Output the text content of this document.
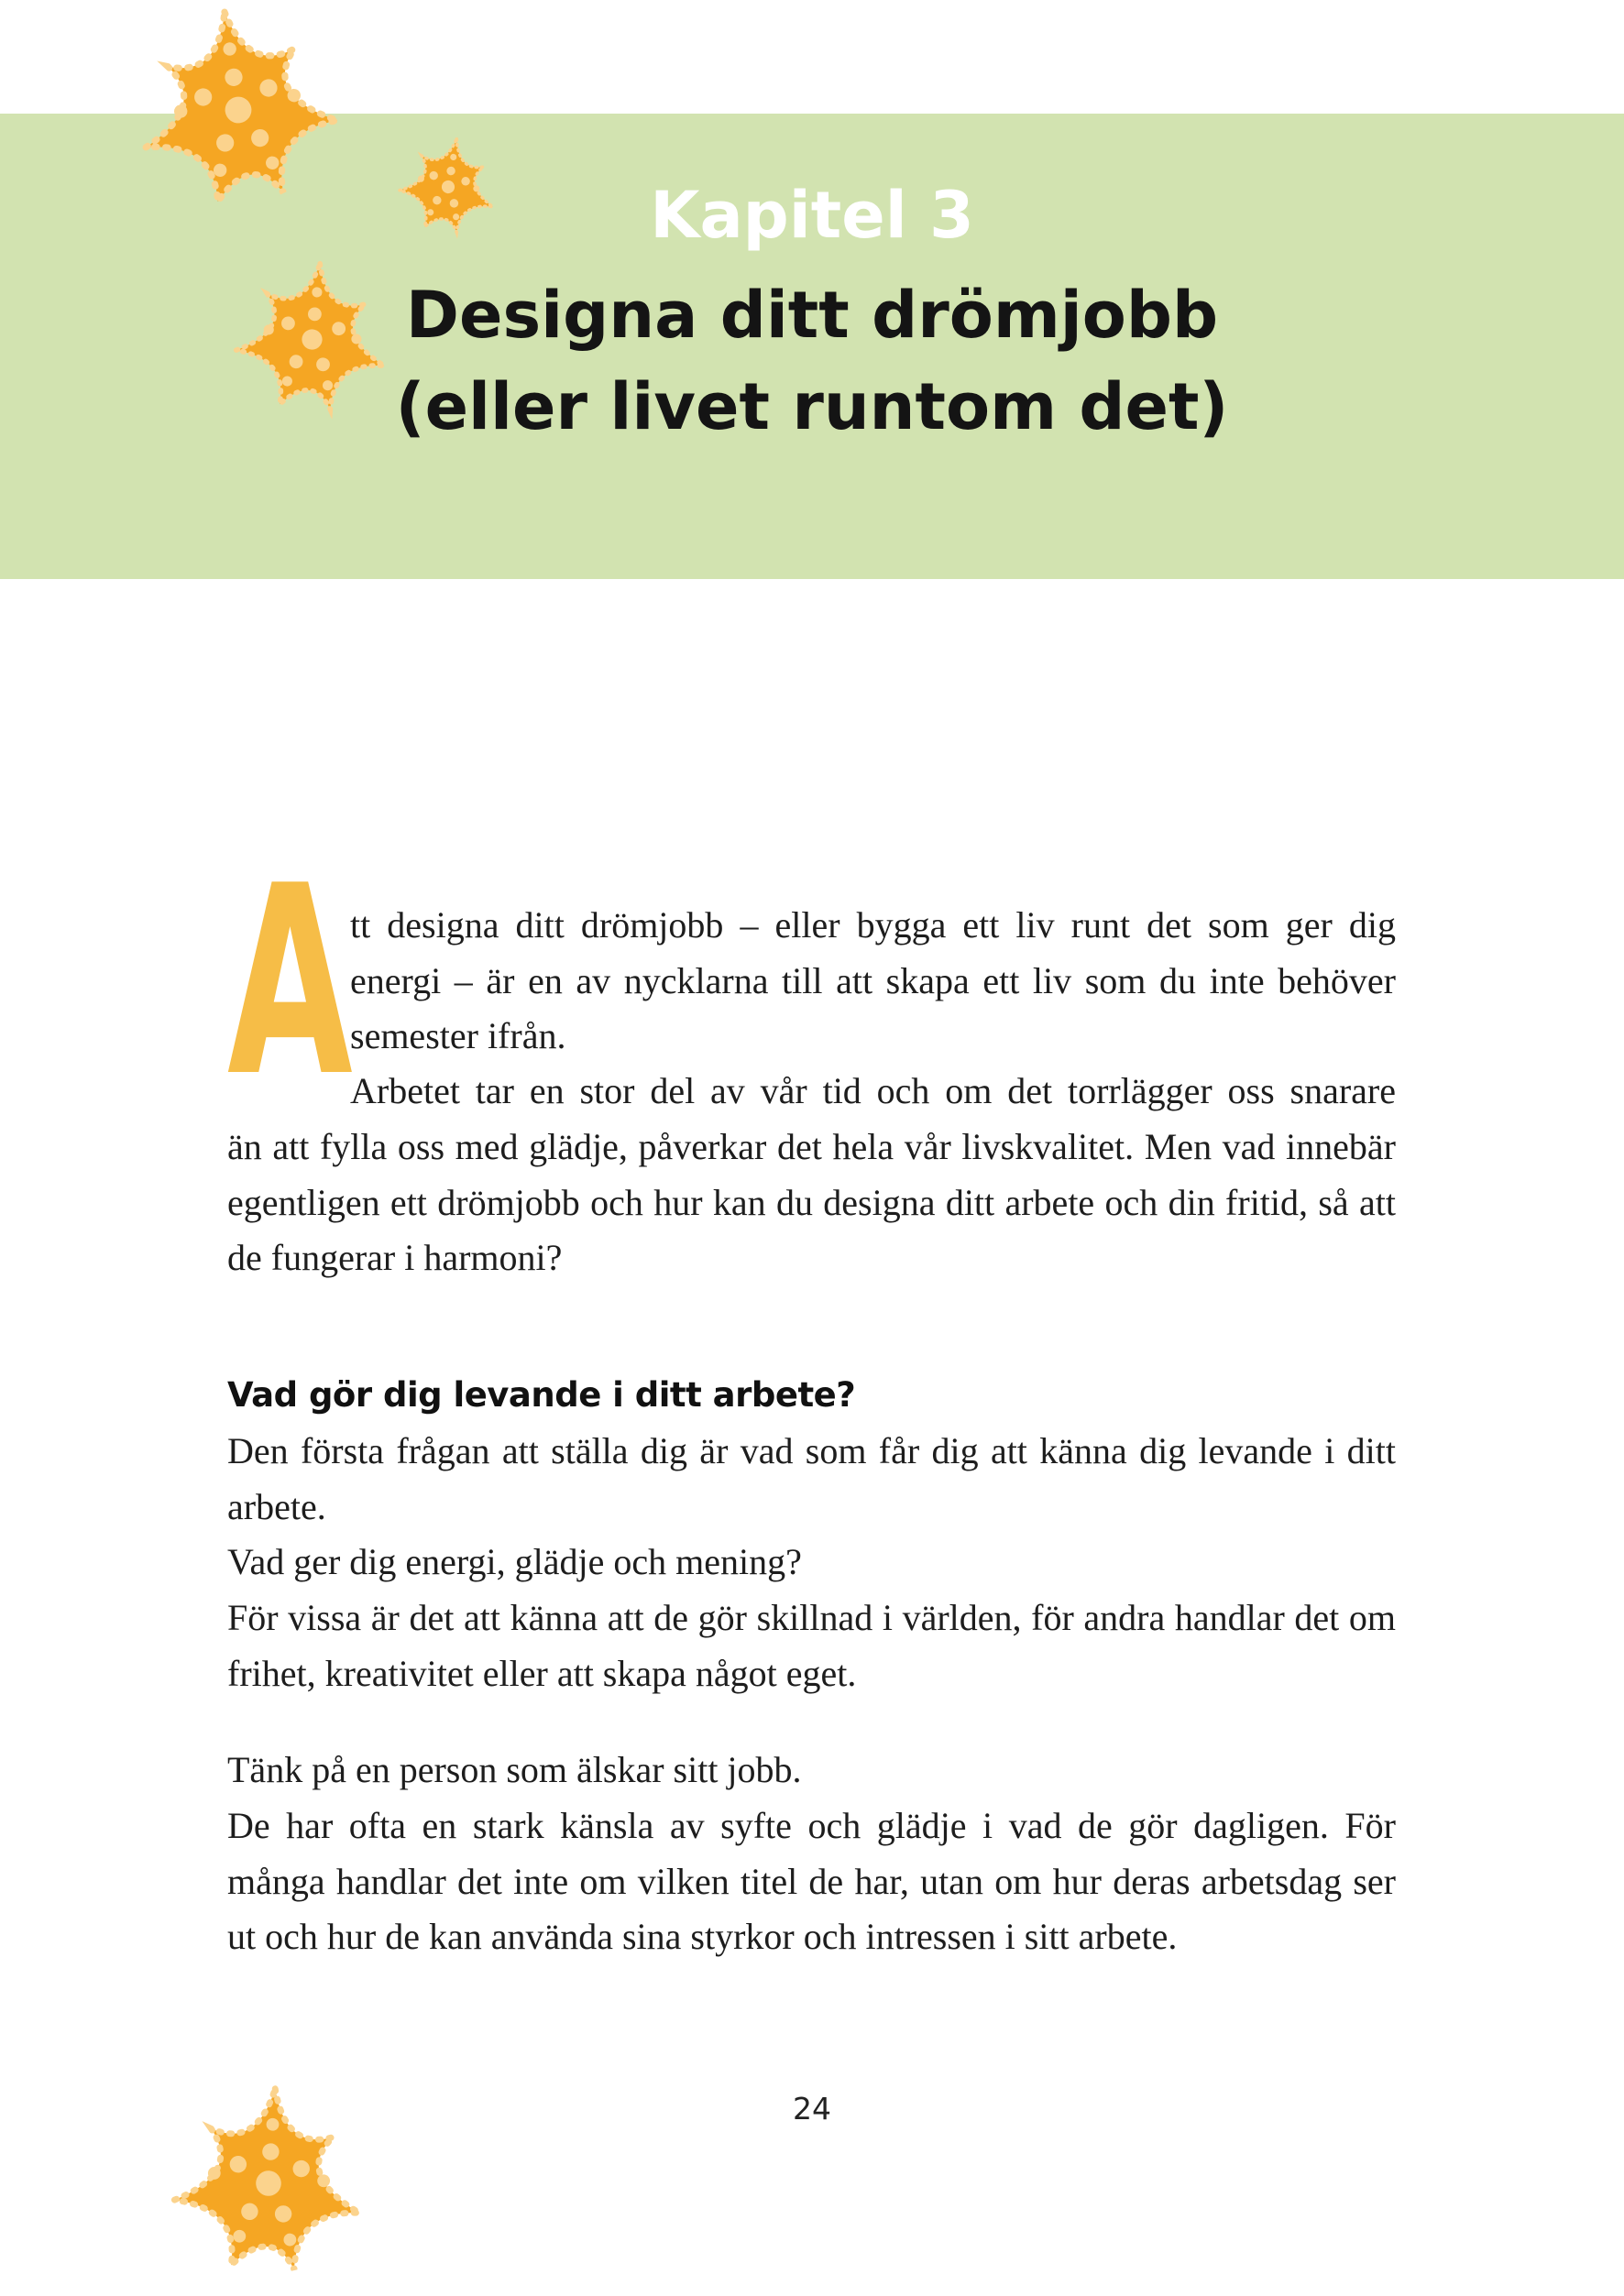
Kapitel 3
Designa ditt drömjobb
(eller livet runtom det)
A

tt designa ditt drömjobb – eller bygga ett liv runt det som ger dig energi – är en av nycklarna till att skapa ett liv som du inte behöver semester ifrån.

Arbetet tar en stor del av vår tid och om det torrlägger oss snarare

än att fylla oss med glädje, påverkar det hela vår livskvalitet. Men vad innebär egentligen ett drömjobb och hur kan du designa ditt arbete och din fritid, så att de fungerar i harmoni?

Vad gör dig levande i ditt arbete?

Den första frågan att ställa dig är vad som får dig att känna dig levande i ditt arbete.

Vad ger dig energi, glädje och mening?

För vissa är det att känna att de gör skillnad i världen, för andra handlar det om frihet, kreativitet eller att skapa något eget.

Tänk på en person som älskar sitt jobb.

De har ofta en stark känsla av syfte och glädje i vad de gör dagligen. För många handlar det inte om vilken titel de har, utan om hur deras arbetsdag ser ut och hur de kan använda sina styrkor och intressen i sitt arbete.

24
